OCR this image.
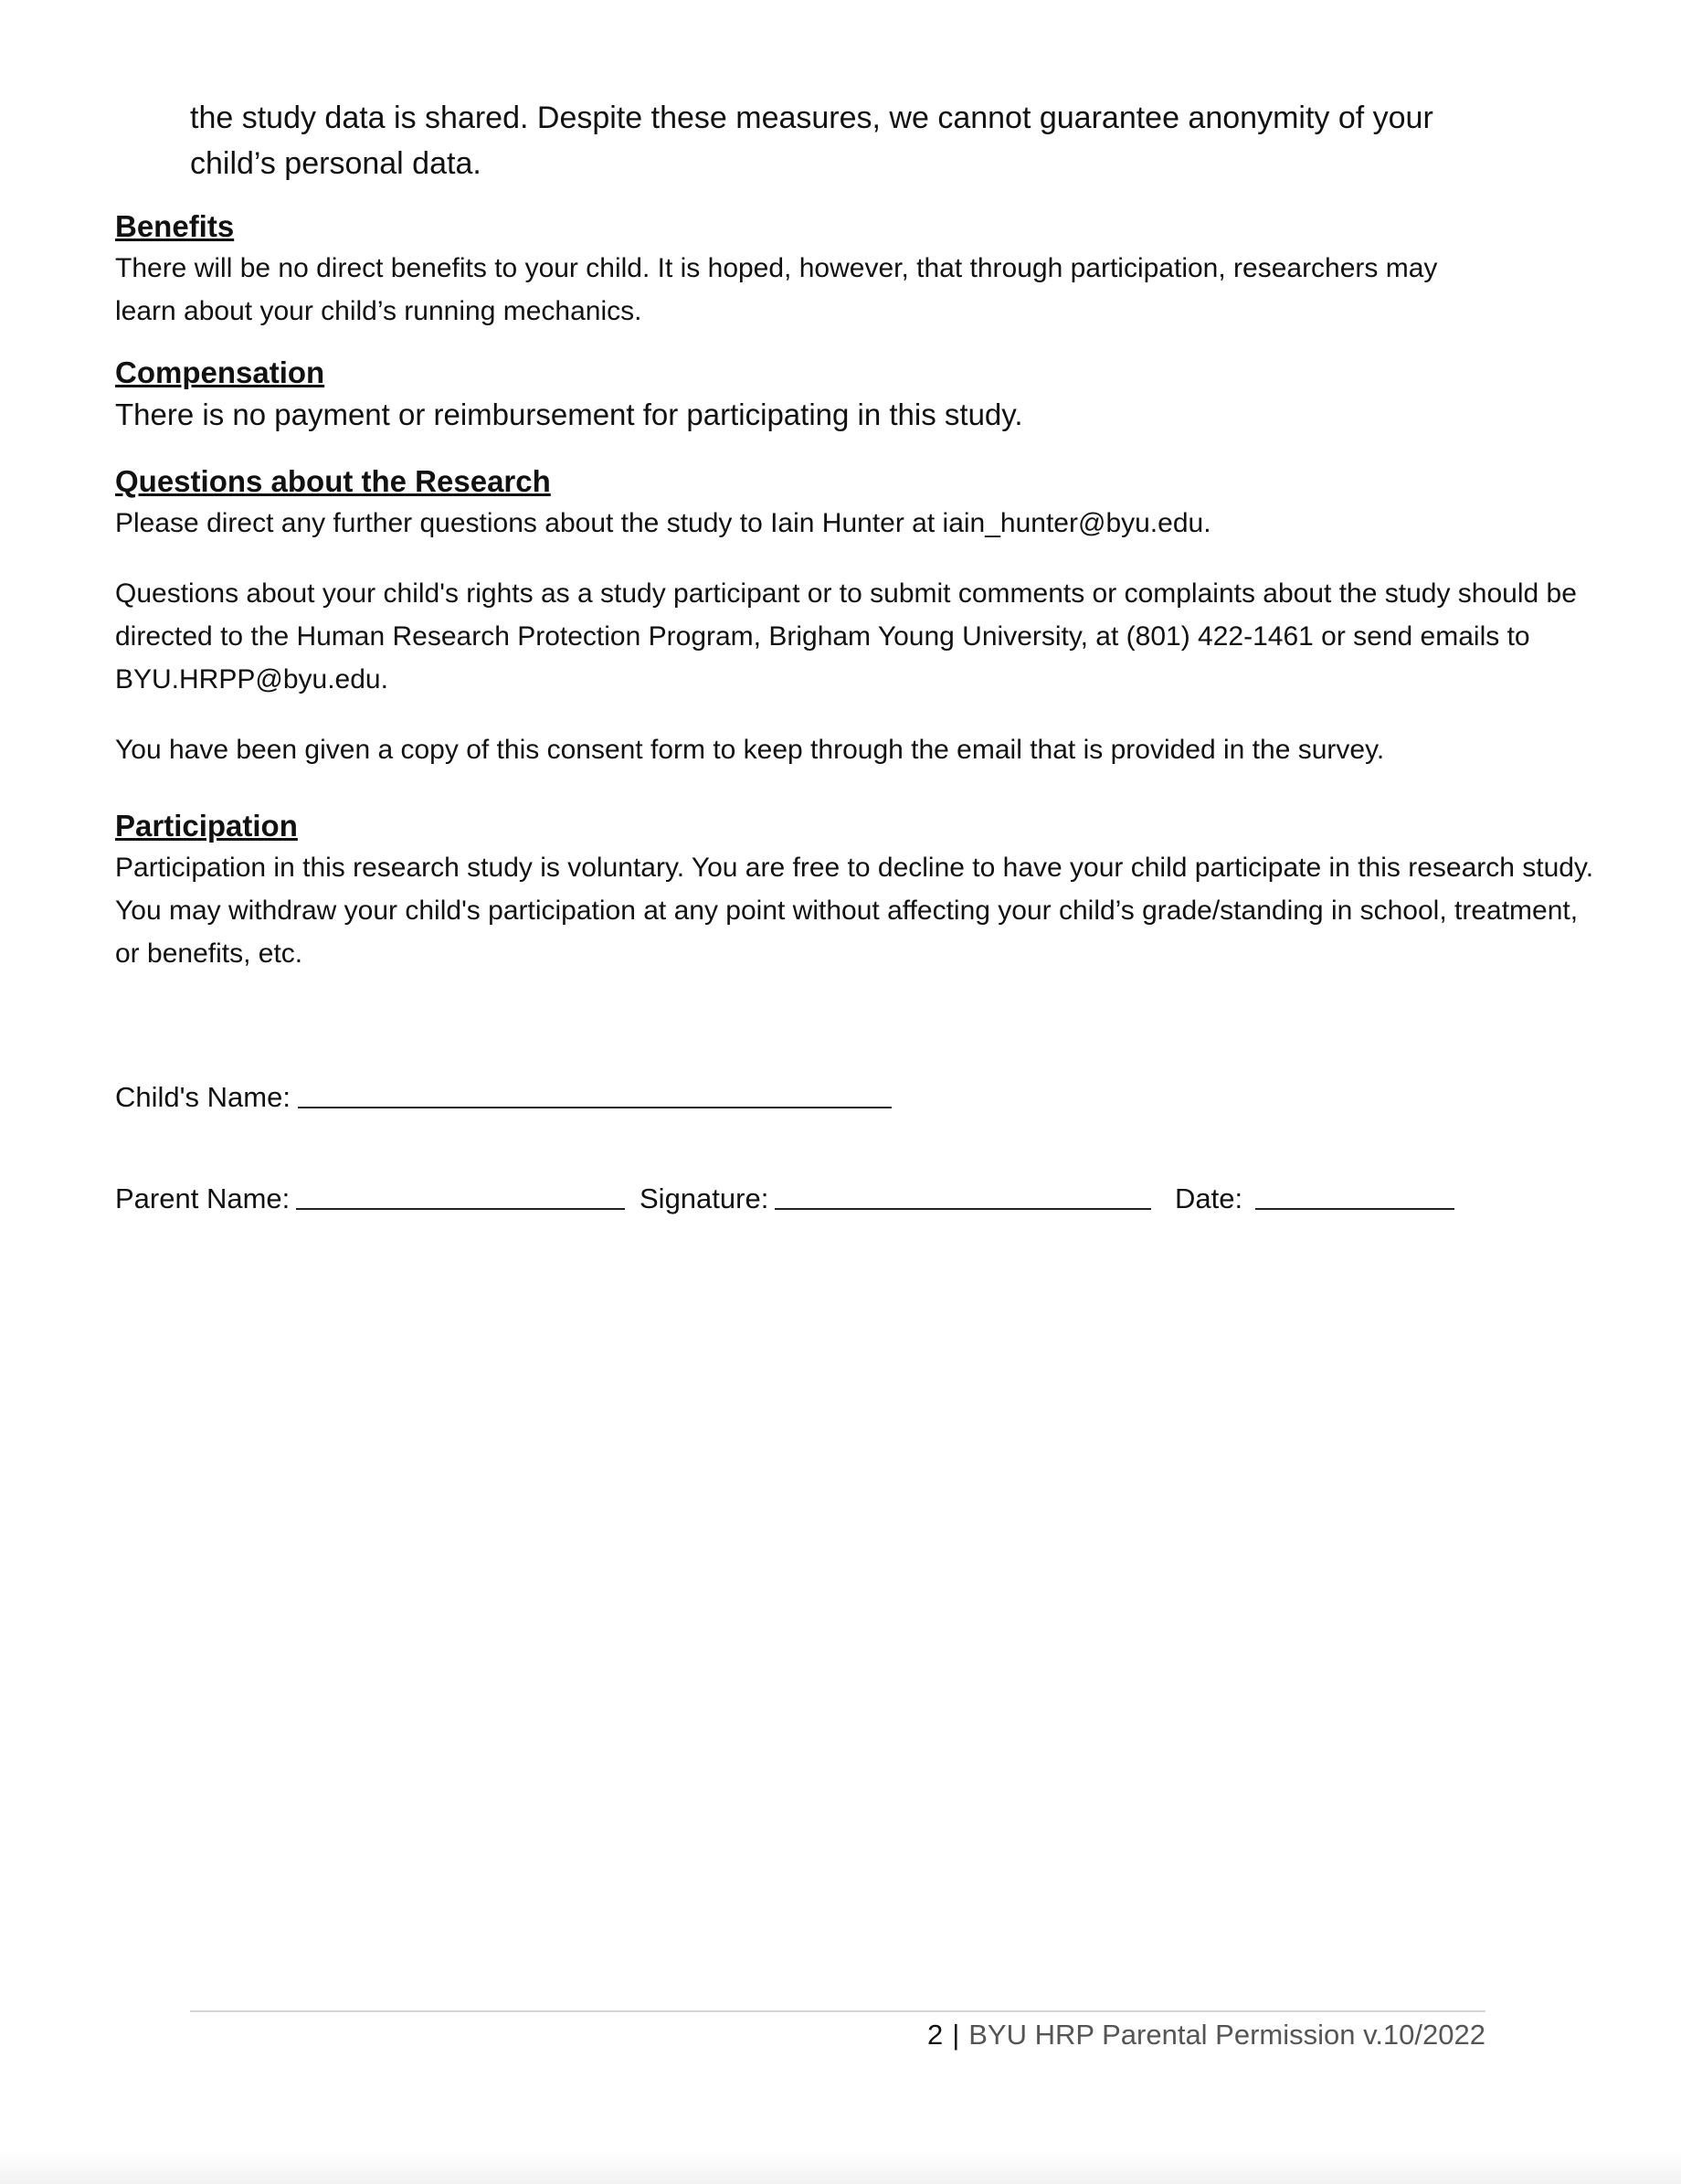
the study data is shared. Despite these measures, we cannot guarantee anonymity of your

child’s personal data.

Benefits

There will be no direct benefits to your child. It is hoped, however, that through participation, researchers may

learn about your child’s running mechanics.

Compensation

There is no payment or reimbursement for participating in this study.

Questions about the Research

Please direct any further questions about the study to Iain Hunter at iain_hunter@byu.edu.

Questions about your child's rights as a study participant or to submit comments or complaints about the study should be

directed to the Human Research Protection Program, Brigham Young University, at (801) 422-1461 or send emails to

BYU.HRPP@byu.edu.

You have been given a copy of this consent form to keep through the email that is provided in the survey.

Participation

Participation in this research study is voluntary. You are free to decline to have your child participate in this research study.

You may withdraw your child's participation at any point without affecting your child’s grade/standing in school, treatment,

or benefits, etc.

Child's Name:
Parent Name:	Signature:	Date:
2 | BYU HRP Parental Permission v.10/2022
